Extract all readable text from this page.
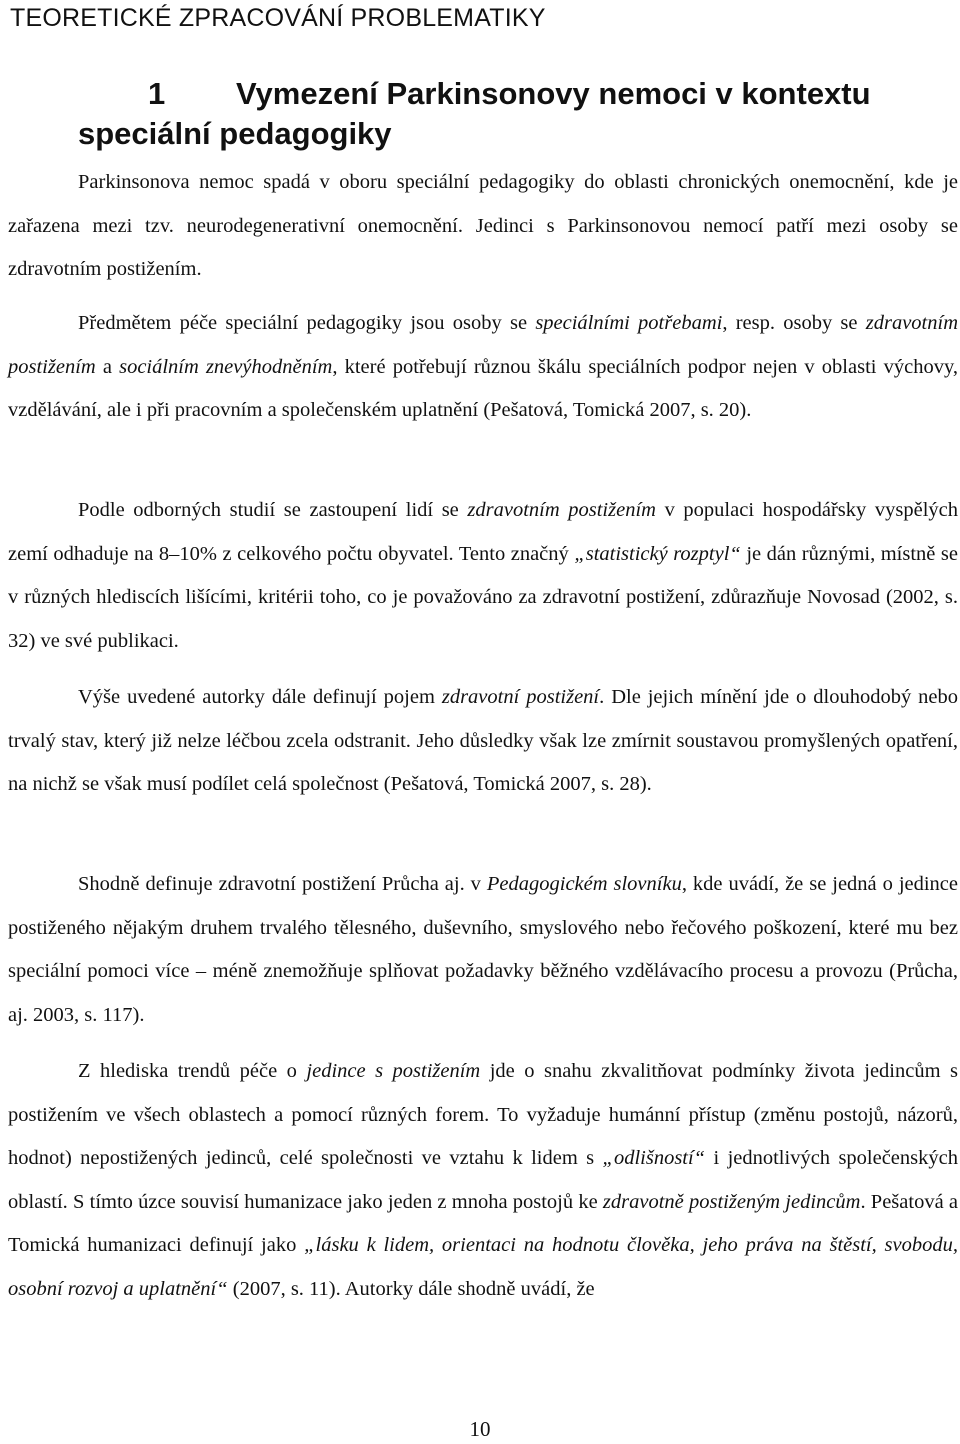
TEORETICKÉ ZPRACOVÁNÍ PROBLEMATIKY
1 Vymezení Parkinsonovy nemoci v kontextu
speciální pedagogiky

Parkinsonova nemoc spadá v oboru speciální pedagogiky do oblasti chronických onemocnění, kde je zařazena mezi tzv. neurodegenerativní onemocnění. Jedinci s Parkinsonovou nemocí patří mezi osoby se zdravotním postižením.

Předmětem péče speciální pedagogiky jsou osoby se speciálními potřebami, resp. osoby se zdravotním postižením a sociálním znevýhodněním, které potřebují různou škálu speciálních podpor nejen v oblasti výchovy, vzdělávání, ale i při pracovním a společenském uplatnění (Pešatová, Tomická 2007, s. 20).

Podle odborných studií se zastoupení lidí se zdravotním postižením v populaci hospodářsky vyspělých zemí odhaduje na 8–10% z celkového počtu obyvatel. Tento značný „statistický rozptyl“ je dán různými, místně se v různých hlediscích lišícími, kritérii toho, co je považováno za zdravotní postižení, zdůrazňuje Novosad (2002, s. 32) ve své publikaci.

Výše uvedené autorky dále definují pojem zdravotní postižení. Dle jejich mínění jde o dlouhodobý nebo trvalý stav, který již nelze léčbou zcela odstranit. Jeho důsledky však lze zmírnit soustavou promyšlených opatření, na nichž se však musí podílet celá společnost (Pešatová, Tomická 2007, s. 28).

Shodně definuje zdravotní postižení Průcha aj. v Pedagogickém slovníku, kde uvádí, že se jedná o jedince postiženého nějakým druhem trvalého tělesného, duševního, smyslového nebo řečového poškození, které mu bez speciální pomoci více – méně znemožňuje splňovat požadavky běžného vzdělávacího procesu a provozu (Průcha, aj. 2003, s. 117).

Z hlediska trendů péče o jedince s postižením jde o snahu zkvalitňovat podmínky života jedincům s postižením ve všech oblastech a pomocí různých forem. To vyžaduje humánní přístup (změnu postojů, názorů, hodnot) nepostižených jedinců, celé společnosti ve vztahu k lidem s „odlišností“ i jednotlivých společenských oblastí. S tímto úzce souvisí humanizace jako jeden z mnoha postojů ke zdravotně postiženým jedincům. Pešatová a Tomická humanizaci definují jako „lásku k lidem, orientaci na hodnotu člověka, jeho práva na štěstí, svobodu, osobní rozvoj a uplatnění“ (2007, s. 11). Autorky dále shodně uvádí, že

10
